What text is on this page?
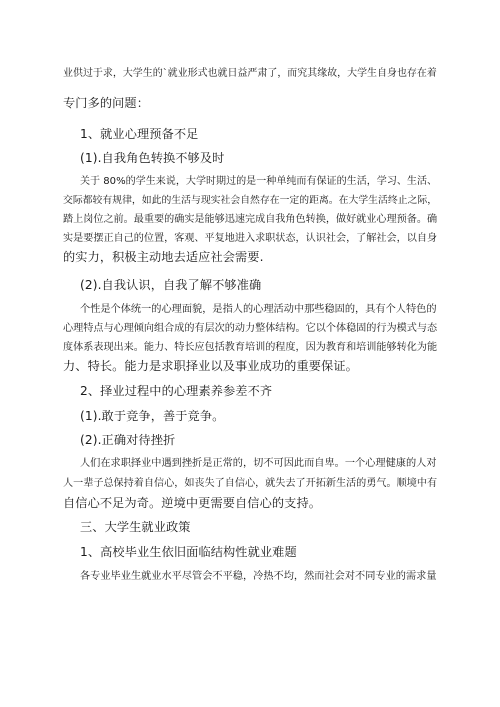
业供过于求，大学生的`就业形式也就日益严肃了，而究其缘故，大学生自身也存在着
专门多的问题：
1、就业心理预备不足
(1).自我角色转换不够及时
关于 80%的学生来说，大学时期过的是一种单纯而有保证的生活，学习、生活、
交际都较有规律，如此的生活与现实社会自然存在一定的距离。在大学生活终止之际，
踏上岗位之前。最重要的确实是能够迅速完成自我角色转换，做好就业心理预备。确
实是要摆正自己的位置，客观、平复地进入求职状态，认识社会，了解社会，以自身
的实力，积极主动地去适应社会需要.
(2).自我认识，自我了解不够准确
个性是个体统一的心理面貌，是指人的心理活动中那些稳固的，具有个人特色的
心理特点与心理倾向组合成的有层次的动力整体结构。它以个体稳固的行为模式与态
度体系表现出来。能力、特长应包括教育培训的程度，因为教育和培训能够转化为能
力、特长。能力是求职择业以及事业成功的重要保证。
2、择业过程中的心理素养参差不齐
(1).敢于竞争，善于竞争。
(2).正确对待挫折
人们在求职择业中遇到挫折是正常的，切不可因此而自卑。一个心理健康的人对
人一辈子总保持着自信心，如丧失了自信心，就失去了开拓新生活的勇气。顺境中有
自信心不足为奇。逆境中更需要自信心的支持。
三、大学生就业政策
1、高校毕业生依旧面临结构性就业难题
各专业毕业生就业水平尽管会不平稳，冷热不均，然而社会对不同专业的需求量
